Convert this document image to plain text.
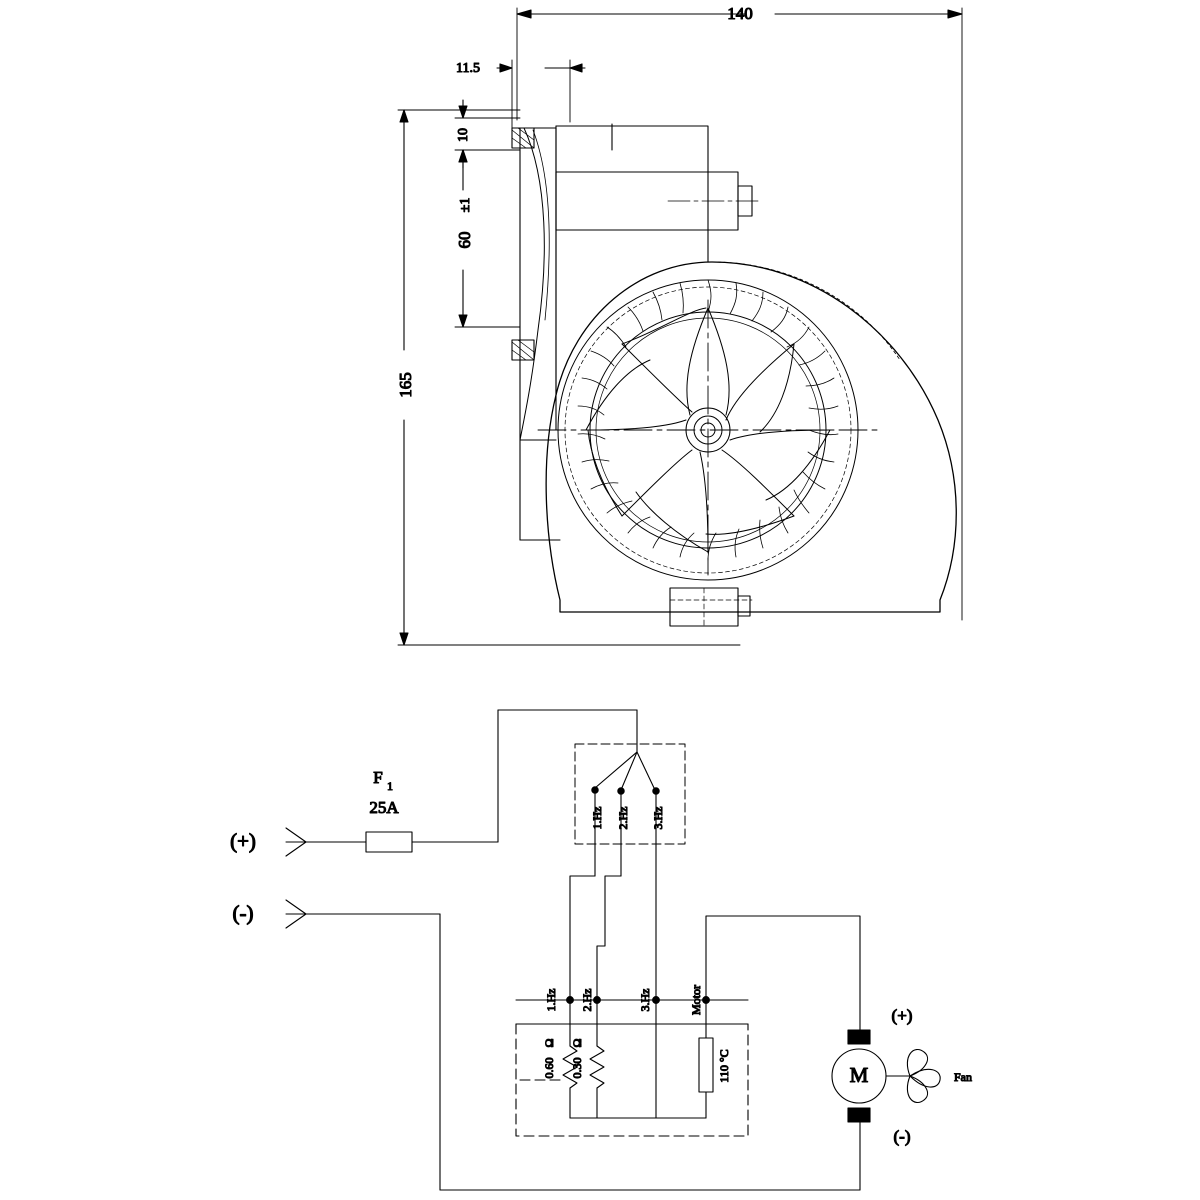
140
11.5
10
60
±1
165
(+)
F 1
25A
(-)
1.Hz 2.Hz 3.Hz
1.Hz 2.Hz	3.Hz	Motor
0.60
Ω
0.30
Ω
110 °C	M
(+)
(-)
Fan
